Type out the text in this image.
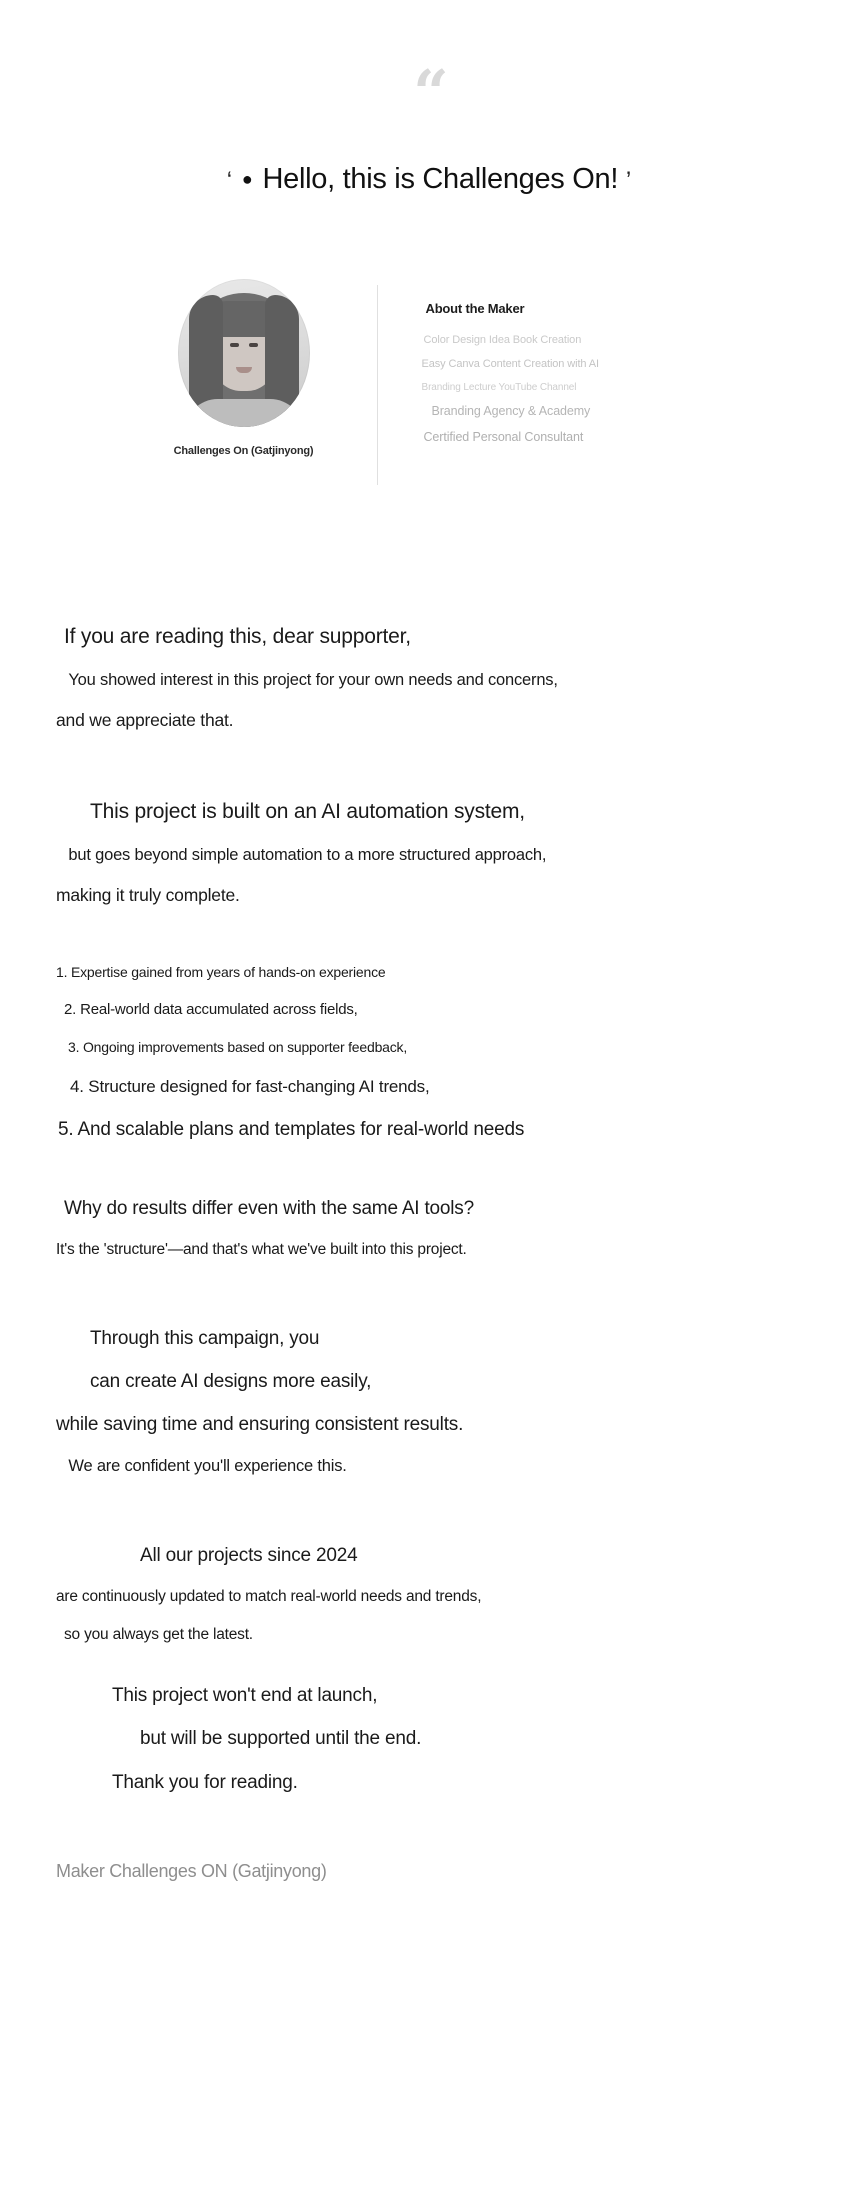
“
‘ ● Hello, this is Challenges On! ’
Challenges On (Gatjinyong)
About the Maker
Color Design Idea Book Creation
Easy Canva Content Creation with AI
Branding Lecture YouTube Channel
Branding Agency & Academy
Certified Personal Consultant
If you are reading this, dear supporter,
You showed interest in this project for your own needs and concerns,
and we appreciate that.
This project is built on an AI automation system,
but goes beyond simple automation to a more structured approach,
making it truly complete.
1. Expertise gained from years of hands-on experience
2. Real-world data accumulated across fields,
3. Ongoing improvements based on supporter feedback,
4. Structure designed for fast-changing AI trends,
5. And scalable plans and templates for real-world needs
Why do results differ even with the same AI tools?
It's the 'structure'—and that's what we've built into this project.
Through this campaign, you
can create AI designs more easily,
while saving time and ensuring consistent results.
We are confident you'll experience this.
All our projects since 2024
are continuously updated to match real-world needs and trends,
so you always get the latest.
This project won't end at launch,
but will be supported until the end.
Thank you for reading.
Maker Challenges ON (Gatjinyong)
